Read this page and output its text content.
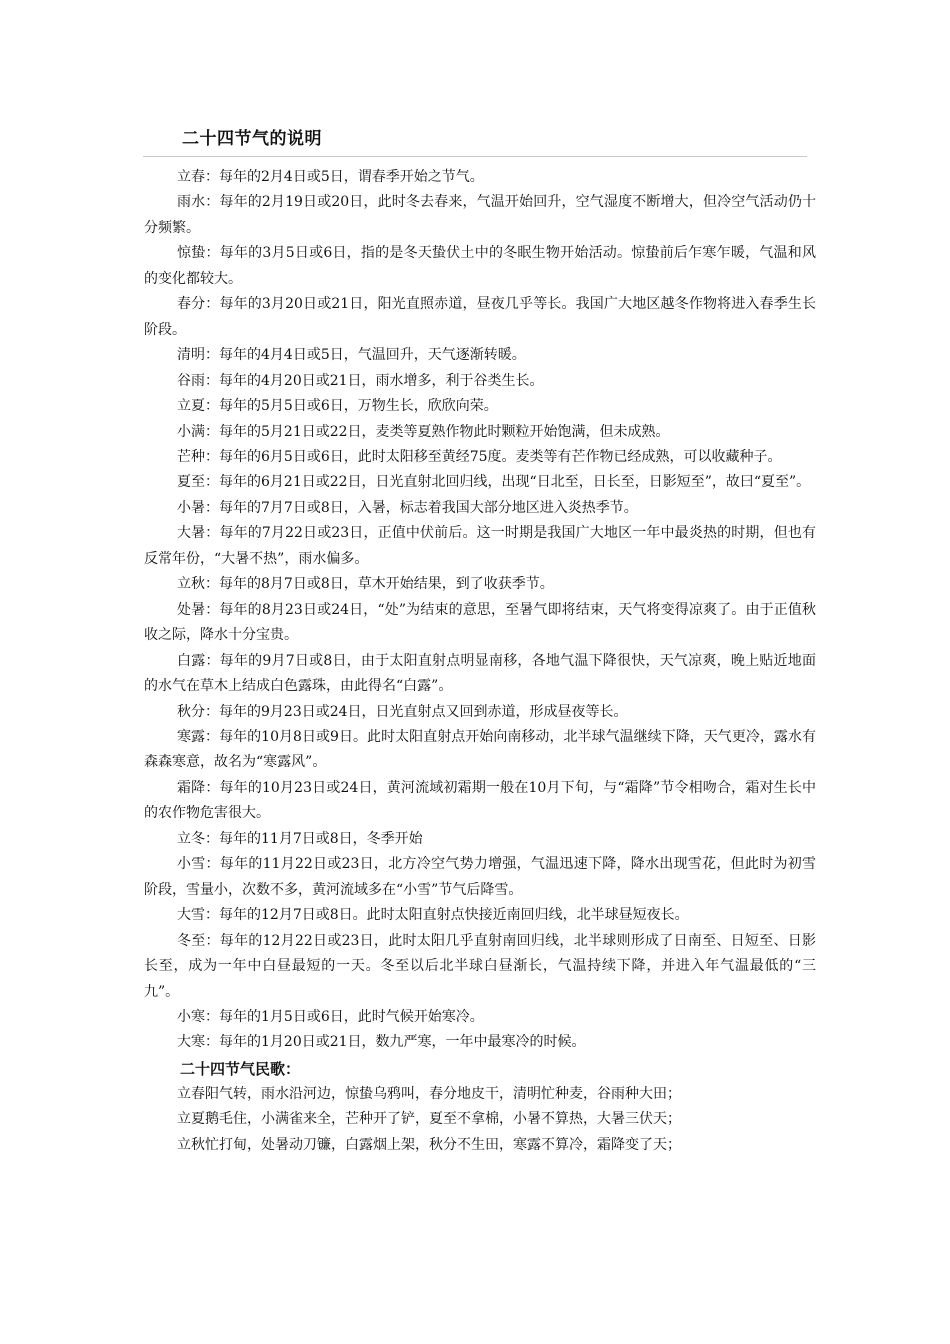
二十四节气的说明

立春：每年的2月4日或5日，谓春季开始之节气。

雨水：每年的2月19日或20日，此时冬去春来，气温开始回升，空气湿度不断增大，但冷空气活动仍十分频繁。

惊蛰：每年的3月5日或6日，指的是冬天蛰伏土中的冬眠生物开始活动。惊蛰前后乍寒乍暖，气温和风的变化都较大。

春分：每年的3月20日或21日，阳光直照赤道，昼夜几乎等长。我国广大地区越冬作物将进入春季生长阶段。

清明：每年的4月4日或5日，气温回升，天气逐渐转暖。

谷雨：每年的4月20日或21日，雨水增多，利于谷类生长。

立夏：每年的5月5日或6日，万物生长，欣欣向荣。

小满：每年的5月21日或22日，麦类等夏熟作物此时颗粒开始饱满，但未成熟。

芒种：每年的6月5日或6日，此时太阳移至黄经75度。麦类等有芒作物已经成熟，可以收藏种子。

夏至：每年的6月21日或22日，日光直射北回归线，出现“日北至，日长至，日影短至”，故曰“夏至”。

小暑：每年的7月7日或8日，入暑，标志着我国大部分地区进入炎热季节。

大暑：每年的7月22日或23日，正值中伏前后。这一时期是我国广大地区一年中最炎热的时期，但也有反常年份，“大暑不热”，雨水偏多。

立秋：每年的8月7日或8日，草木开始结果，到了收获季节。

处暑：每年的8月23日或24日，“处”为结束的意思，至暑气即将结束，天气将变得凉爽了。由于正值秋收之际，降水十分宝贵。

白露：每年的9月7日或8日，由于太阳直射点明显南移，各地气温下降很快，天气凉爽，晚上贴近地面的水气在草木上结成白色露珠，由此得名“白露”。

秋分：每年的9月23日或24日，日光直射点又回到赤道，形成昼夜等长。

寒露：每年的10月8日或9日。此时太阳直射点开始向南移动，北半球气温继续下降，天气更冷，露水有森森寒意，故名为“寒露风”。

霜降：每年的10月23日或24日，黄河流域初霜期一般在10月下旬，与“霜降”节令相吻合，霜对生长中的农作物危害很大。

立冬：每年的11月7日或8日，冬季开始

小雪：每年的11月22日或23日，北方冷空气势力增强，气温迅速下降，降水出现雪花，但此时为初雪阶段，雪量小，次数不多，黄河流域多在“小雪”节气后降雪。

大雪：每年的12月7日或8日。此时太阳直射点快接近南回归线，北半球昼短夜长。

冬至：每年的12月22日或23日，此时太阳几乎直射南回归线，北半球则形成了日南至、日短至、日影长至，成为一年中白昼最短的一天。冬至以后北半球白昼渐长，气温持续下降，并进入年气温最低的“三九”。

小寒：每年的1月5日或6日，此时气候开始寒冷。

大寒：每年的1月20日或21日，数九严寒，一年中最寒冷的时候。

二十四节气民歌：

立春阳气转，雨水沿河边，惊蛰乌鸦叫，春分地皮干，清明忙种麦，谷雨种大田；

立夏鹅毛住，小满雀来全，芒种开了铲，夏至不拿棉，小暑不算热，大暑三伏天；

立秋忙打甸，处暑动刀镰，白露烟上架，秋分不生田，寒露不算冷，霜降变了天；
